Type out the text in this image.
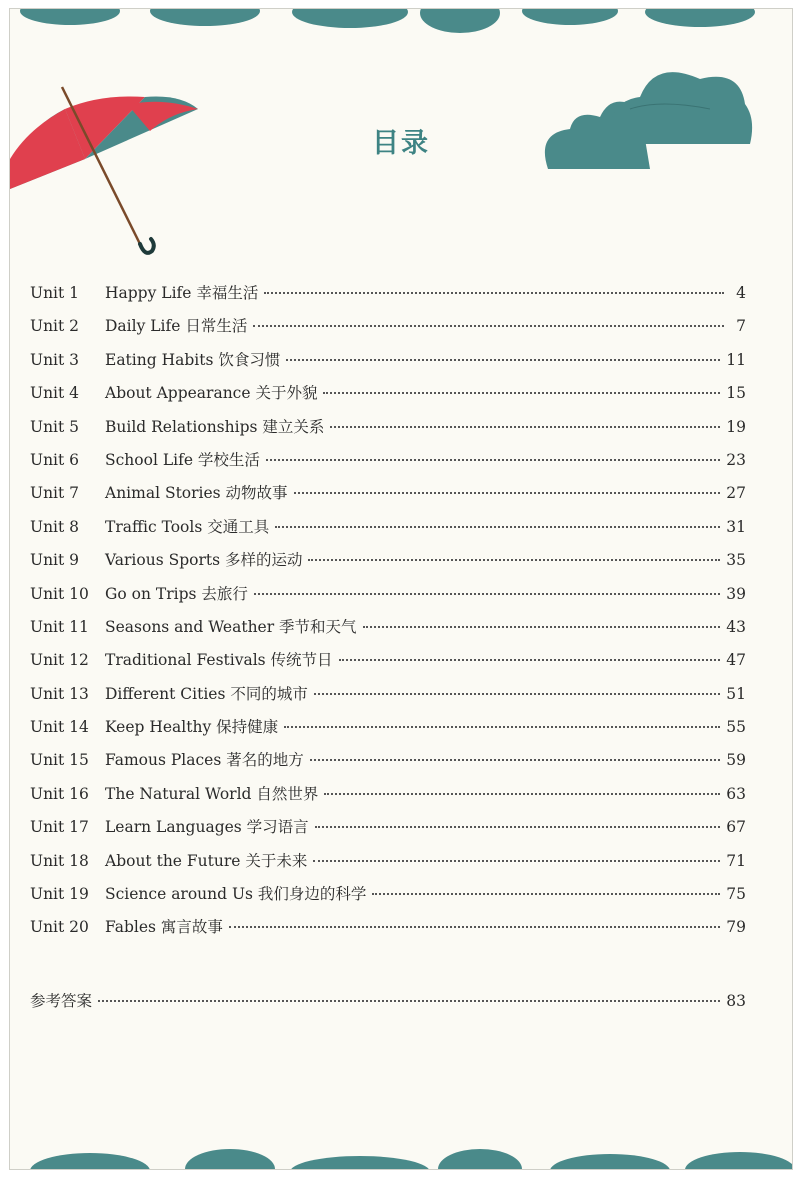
目录
Unit 1	Happy Life 幸福生活	4
Unit 2	Daily Life 日常生活	7
Unit 3	Eating Habits 饮食习惯	11
Unit 4	About Appearance 关于外貌	15
Unit 5	Build Relationships 建立关系	19
Unit 6	School Life 学校生活	23
Unit 7	Animal Stories 动物故事	27
Unit 8	Traffic Tools 交通工具	31
Unit 9	Various Sports 多样的运动	35
Unit 10	Go on Trips 去旅行	39
Unit 11	Seasons and Weather 季节和天气	43
Unit 12	Traditional Festivals 传统节日	47
Unit 13	Different Cities 不同的城市	51
Unit 14	Keep Healthy 保持健康	55
Unit 15	Famous Places 著名的地方	59
Unit 16	The Natural World 自然世界	63
Unit 17	Learn Languages 学习语言	67
Unit 18	About the Future 关于未来	71
Unit 19	Science around Us 我们身边的科学	75
Unit 20	Fables 寓言故事	79
参考答案	83
